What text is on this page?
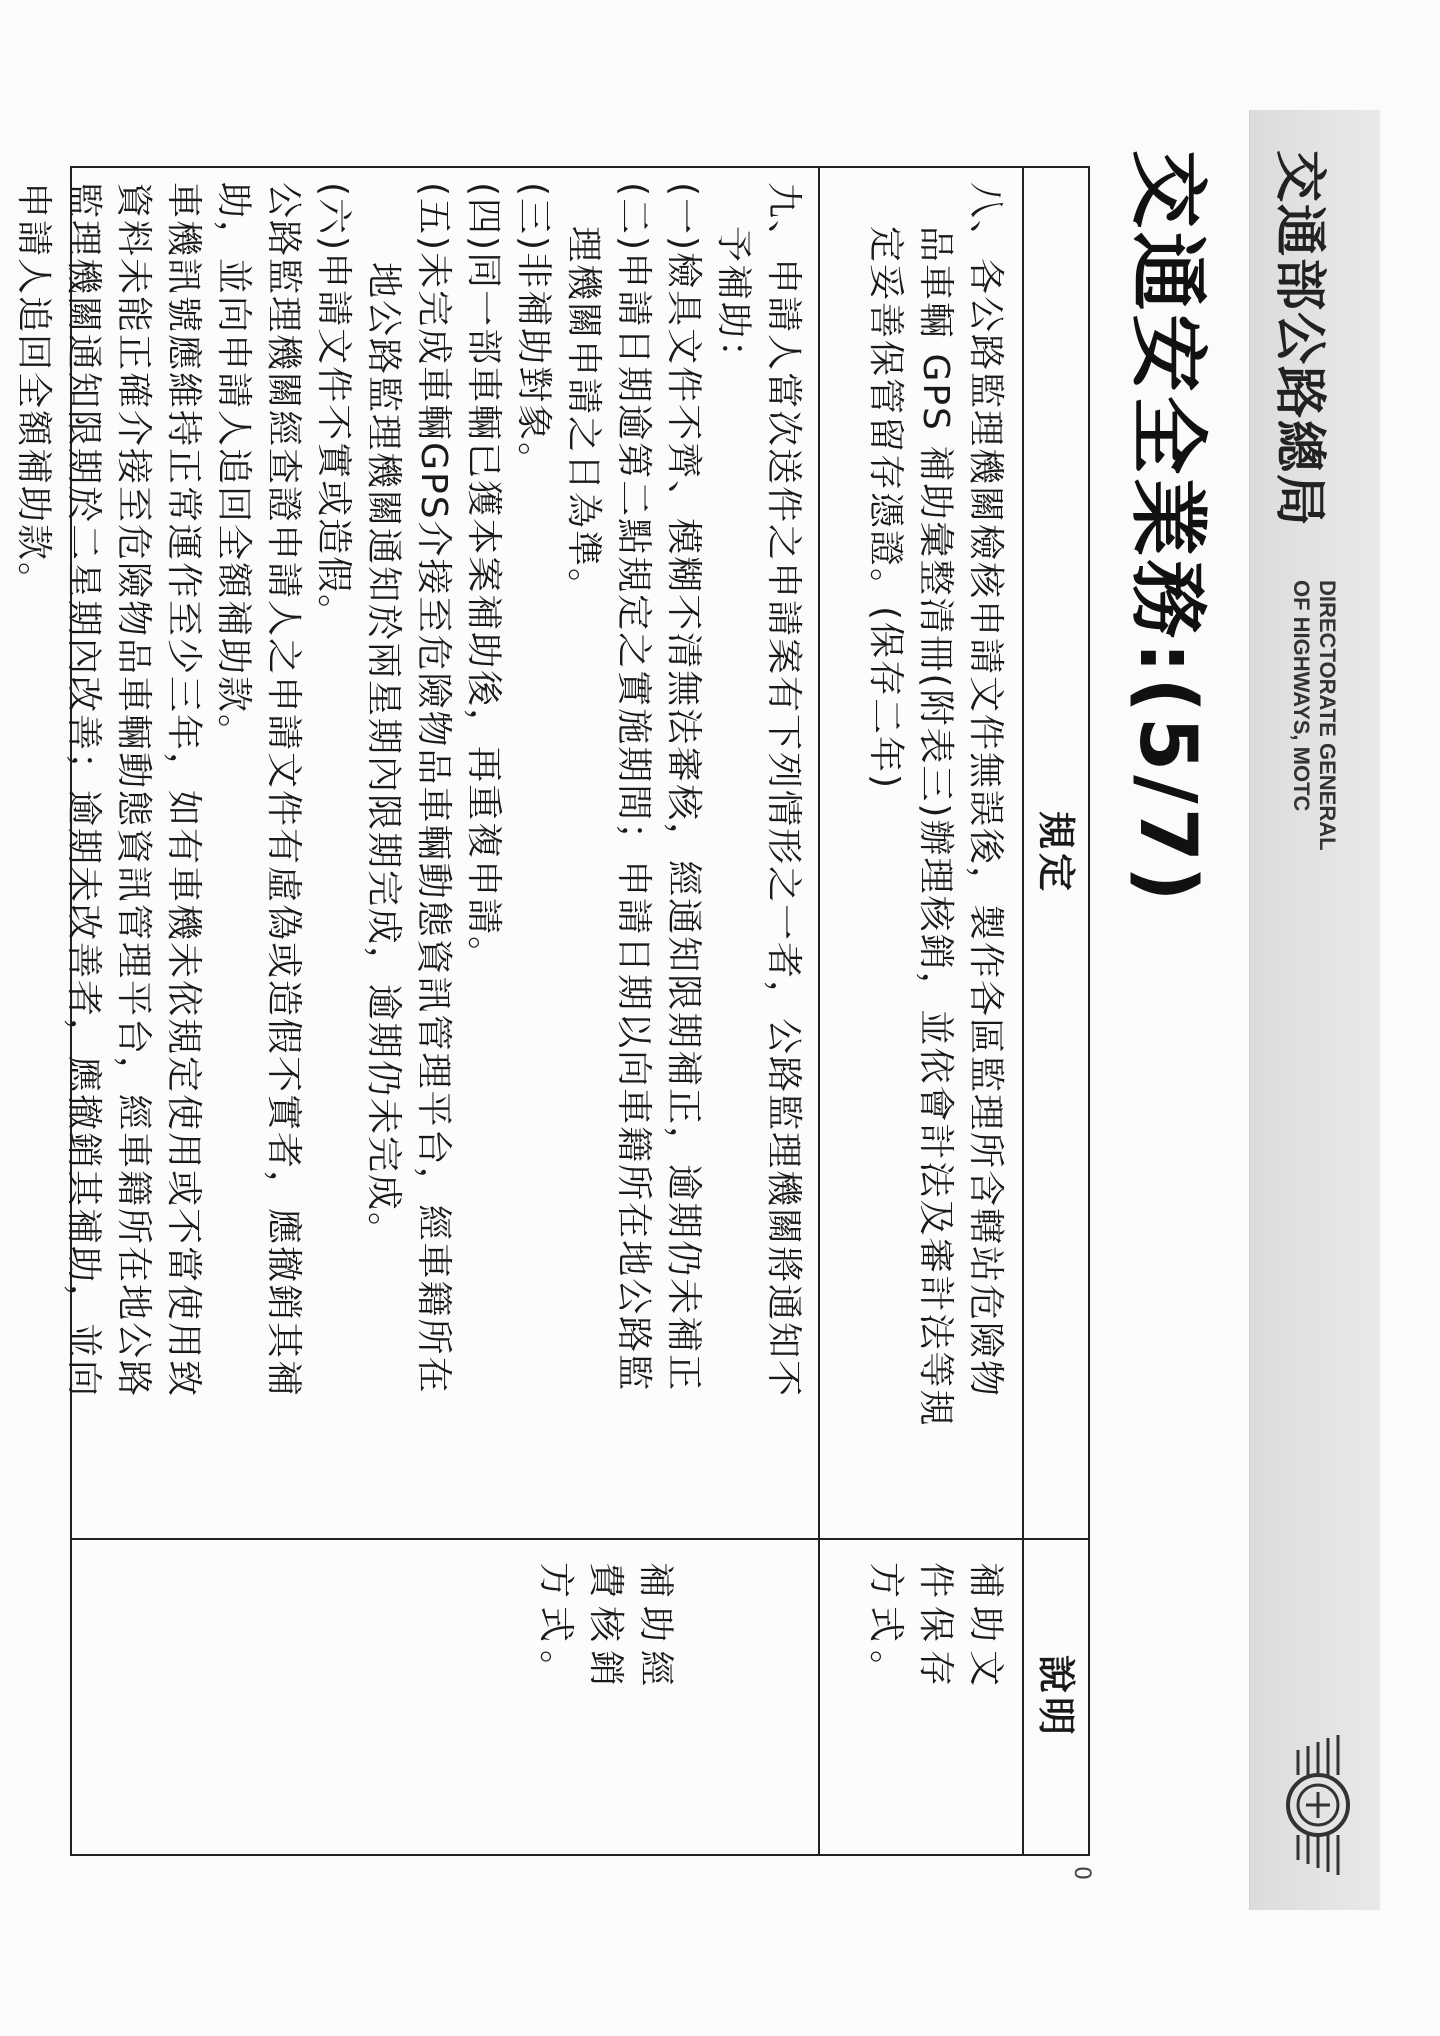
交通部公路總局
DIRECTORATE GENERAL
OF HIGHWAYS, MOTC
交通安全業務:(5/7)
0
規定
說明
八、各公路監理機關檢核申請文件無誤後，製作各區監理所含轄站危險物
品車輛 GPS 補助彙整清冊(附表三)辦理核銷，並依會計法及審計法等規
定妥善保管留存憑證。(保存二年)
補助文
件保存
方式。
九、申請人當次送件之申請案有下列情形之一者，公路監理機關將通知不
予補助：
(一)檢具文件不齊、模糊不清無法審核，經通知限期補正，逾期仍未補正
(二)申請日期逾第二點規定之實施期間；申請日期以向車籍所在地公路監
理機關申請之日為準。
(三)非補助對象。
(四)同一部車輛已獲本案補助後，再重複申請。
(五)未完成車輛GPS介接至危險物品車輛動態資訊管理平台，經車籍所在
地公路監理機關通知於兩星期內限期完成，逾期仍未完成。
(六)申請文件不實或造假。
公路監理機關經查證申請人之申請文件有虛偽或造假不實者，應撤銷其補
助，並向申請人追回全額補助款。
車機訊號應維持正常運作至少三年，如有車機未依規定使用或不當使用致
資料未能正確介接至危險物品車輛動態資訊管理平台，經車籍所在地公路
監理機關通知限期於二星期內改善；逾期未改善者，應撤銷其補助，並向
申請人追回全額補助款。
補助經
費核銷
方式。
